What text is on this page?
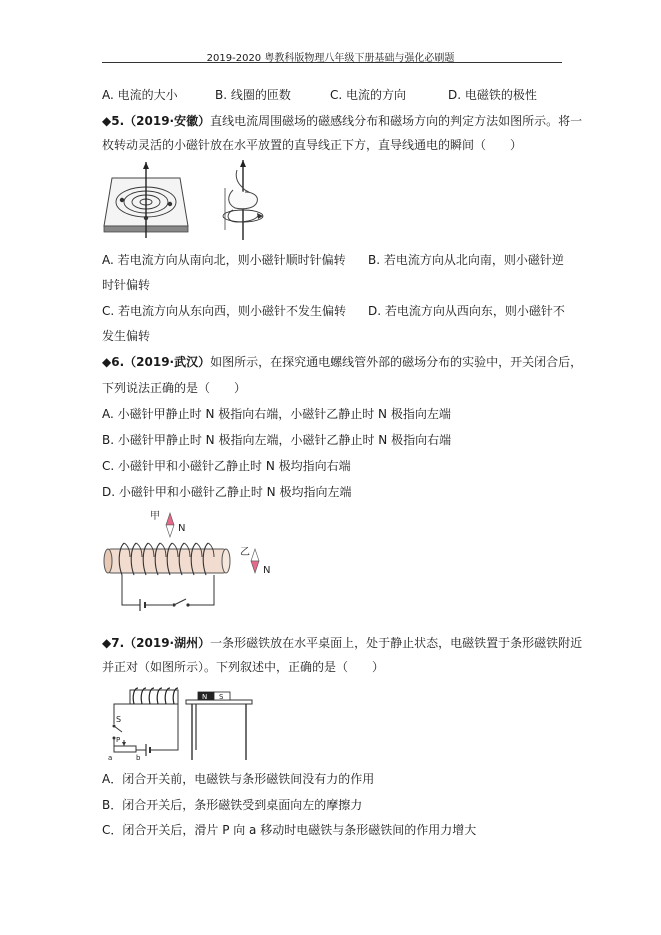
2019-2020 粤教科版物理八年级下册基础与强化必刷题
A. 电流的大小	B. 线圈的匝数	C. 电流的方向	D. 电磁铁的极性
◆5.（2019·安徽）直线电流周围磁场的磁感线分布和磁场方向的判定方法如图所示。将一
枚转动灵活的小磁针放在水平放置的直导线正下方，直导线通电的瞬间（　　）
A. 若电流方向从南向北，则小磁针顺时针偏转 B. 若电流方向从北向南，则小磁针逆
时针偏转
C. 若电流方向从东向西，则小磁针不发生偏转 D. 若电流方向从西向东，则小磁针不
发生偏转
◆6.（2019·武汉）如图所示，在探究通电螺线管外部的磁场分布的实验中，开关闭合后，
下列说法正确的是（　　）
A. 小磁针甲静止时 N 极指向右端，小磁针乙静止时 N 极指向左端
B. 小磁针甲静止时 N 极指向左端，小磁针乙静止时 N 极指向右端
C. 小磁针甲和小磁针乙静止时 N 极均指向右端
D. 小磁针甲和小磁针乙静止时 N 极均指向左端
甲
N
乙
N
◆7.（2019·湖州）一条形磁铁放在水平桌面上，处于静止状态，电磁铁置于条形磁铁附近
并正对（如图所示）。下列叙述中，正确的是（　　）
S
P
a	b
N S
A．闭合开关前，电磁铁与条形磁铁间没有力的作用
B．闭合开关后，条形磁铁受到桌面向左的摩擦力
C．闭合开关后，滑片 P 向 a 移动时电磁铁与条形磁铁间的作用力增大
